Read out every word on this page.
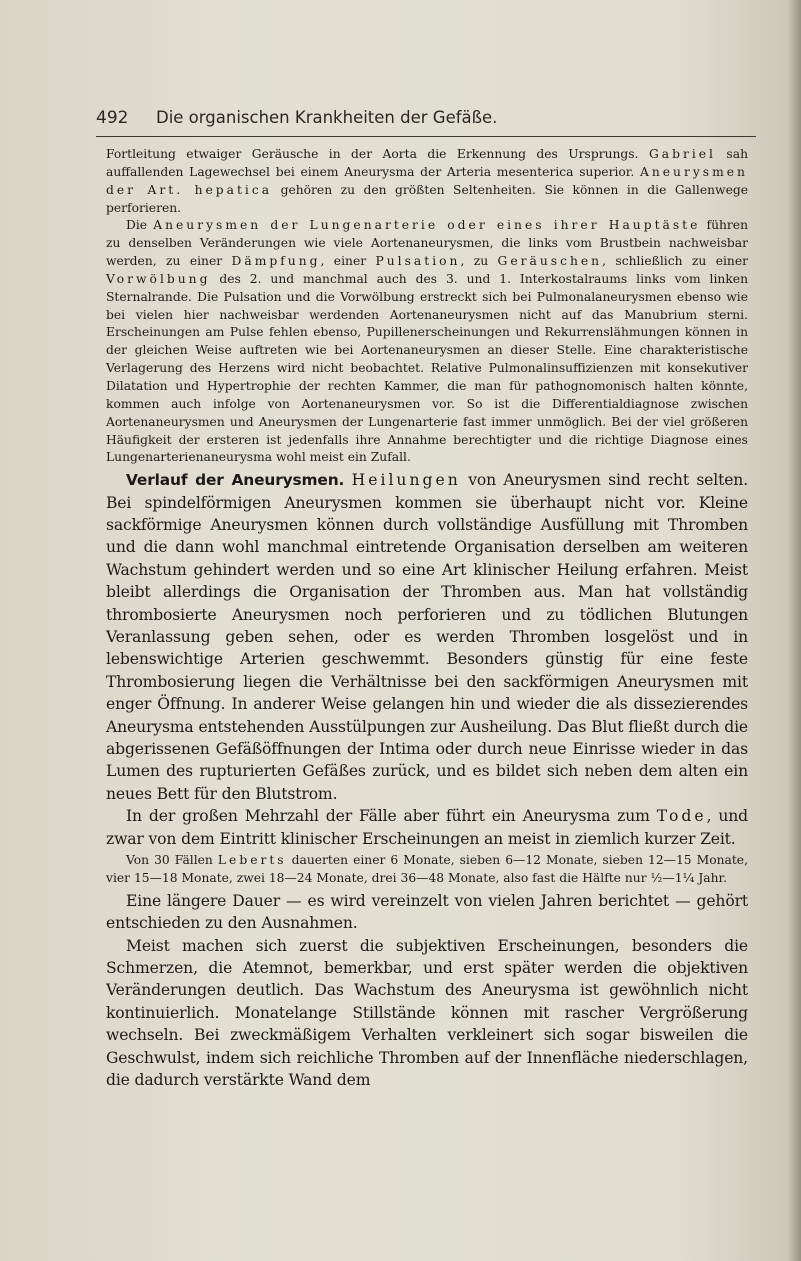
492 Die organischen Krankheiten der Gefäße.

Fortleitung etwaiger Geräusche in der Aorta die Erkennung des Ursprungs. Gabriel sah auffallenden Lagewechsel bei einem Aneurysma der Arteria mesenterica superior. Aneurysmen der Art. hepatica gehören zu den größten Seltenheiten. Sie können in die Gallenwege perforieren.

Die Aneurysmen der Lungenarterie oder eines ihrer Hauptäste führen zu denselben Veränderungen wie viele Aortenaneurysmen, die links vom Brustbein nachweisbar werden, zu einer Dämpfung, einer Pulsation, zu Geräuschen, schließlich zu einer Vorwölbung des 2. und manchmal auch des 3. und 1. Interkostalraums links vom linken Sternalrande. Die Pulsation und die Vorwölbung erstreckt sich bei Pulmonalaneurysmen ebenso wie bei vielen hier nachweisbar werdenden Aortenaneurysmen nicht auf das Manubrium sterni. Erscheinungen am Pulse fehlen ebenso, Pupillenerscheinungen und Rekurrenslähmungen können in der gleichen Weise auftreten wie bei Aortenaneurysmen an dieser Stelle. Eine charakteristische Verlagerung des Herzens wird nicht beobachtet. Relative Pulmonalinsuffizienzen mit konsekutiver Dilatation und Hypertrophie der rechten Kammer, die man für pathognomonisch halten könnte, kommen auch infolge von Aortenaneurysmen vor. So ist die Differentialdiagnose zwischen Aortenaneurysmen und Aneurysmen der Lungenarterie fast immer unmöglich. Bei der viel größeren Häufigkeit der ersteren ist jedenfalls ihre Annahme berechtigter und die richtige Diagnose eines Lungenarterienaneurysma wohl meist ein Zufall.

Verlauf der Aneurysmen. Heilungen von Aneurysmen sind recht selten. Bei spindelförmigen Aneurysmen kommen sie überhaupt nicht vor. Kleine sackförmige Aneurysmen können durch vollständige Ausfüllung mit Thromben und die dann wohl manchmal eintretende Organisation derselben am weiteren Wachstum gehindert werden und so eine Art klinischer Heilung erfahren. Meist bleibt allerdings die Organisation der Thromben aus. Man hat vollständig thrombosierte Aneurysmen noch perforieren und zu tödlichen Blutungen Veranlassung geben sehen, oder es werden Thromben losgelöst und in lebenswichtige Arterien geschwemmt. Besonders günstig für eine feste Thrombosierung liegen die Verhältnisse bei den sackförmigen Aneurysmen mit enger Öffnung. In anderer Weise gelangen hin und wieder die als dissezierendes Aneurysma entstehenden Ausstülpungen zur Ausheilung. Das Blut fließt durch die abgerissenen Gefäßöffnungen der Intima oder durch neue Einrisse wieder in das Lumen des rupturierten Gefäßes zurück, und es bildet sich neben dem alten ein neues Bett für den Blutstrom.

In der großen Mehrzahl der Fälle aber führt ein Aneurysma zum Tode, und zwar von dem Eintritt klinischer Erscheinungen an meist in ziemlich kurzer Zeit.

Von 30 Fällen Leberts dauerten einer 6 Monate, sieben 6—12 Monate, sieben 12—15 Monate, vier 15—18 Monate, zwei 18—24 Monate, drei 36—48 Monate, also fast die Hälfte nur ½—1¼ Jahr.

Eine längere Dauer — es wird vereinzelt von vielen Jahren berichtet — gehört entschieden zu den Ausnahmen.

Meist machen sich zuerst die subjektiven Erscheinungen, besonders die Schmerzen, die Atemnot, bemerkbar, und erst später werden die objektiven Veränderungen deutlich. Das Wachstum des Aneurysma ist gewöhnlich nicht kontinuierlich. Monatelange Stillstände können mit rascher Vergrößerung wechseln. Bei zweckmäßigem Verhalten verkleinert sich sogar bisweilen die Geschwulst, indem sich reichliche Thromben auf der Innenfläche niederschlagen, die dadurch verstärkte Wand dem
